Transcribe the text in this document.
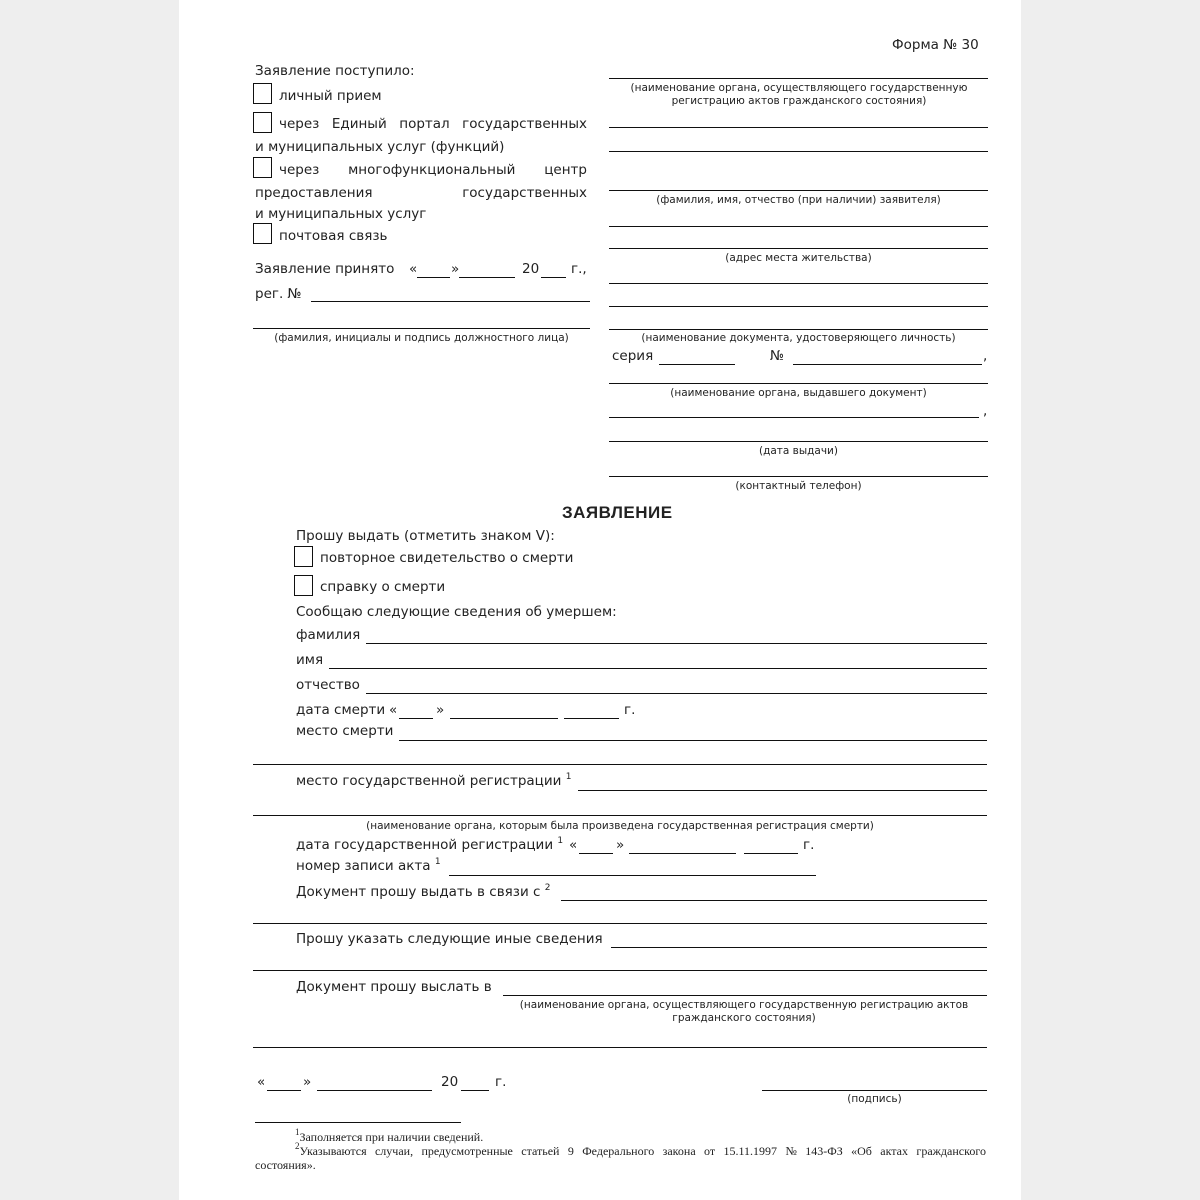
Форма № 30
Заявление поступило:
личный прием
через Единый портал государственных
и муниципальных услуг (функций)
через многофункциональный центр
предоставления	государственных
и муниципальных услуг
почтовая связь
Заявление принято « »	20 г.,
рег. №
(фамилия, инициалы и подпись должностного лица)
(наименование органа, осуществляющего государственную регистрацию актов гражданского состояния)
(фамилия, имя, отчество (при наличии) заявителя)
(адрес места жительства)
(наименование документа, удостоверяющего личность)
серия	№	,
(наименование органа, выдавшего документ)
,
(дата выдачи)
(контактный телефон)
ЗАЯВЛЕНИЕ
Прошу выдать (отметить знаком V):
повторное свидетельство о смерти
справку о смерти
Сообщаю следующие сведения об умершем:
фамилия
имя
отчество
дата смерти «	»	г.
место смерти
место государственной регистрации $^1$
(наименование органа, которым была произведена государственная регистрация смерти)
дата государственной регистрации $^1$ «	»	г.
номер записи акта $^1$
Документ прошу выдать в связи с $^2$
Прошу указать следующие иные сведения
Документ прошу выслать в
(наименование органа, осуществляющего государственную регистрацию актов гражданского состояния)
«	»	20	г.
(подпись)
$^1$Заполняется при наличии сведений.
$^2$Указываются случаи, предусмотренные статьей 9 Федерального закона от 15.11.1997 № 143-ФЗ «Об актах гражданского
состояния».
